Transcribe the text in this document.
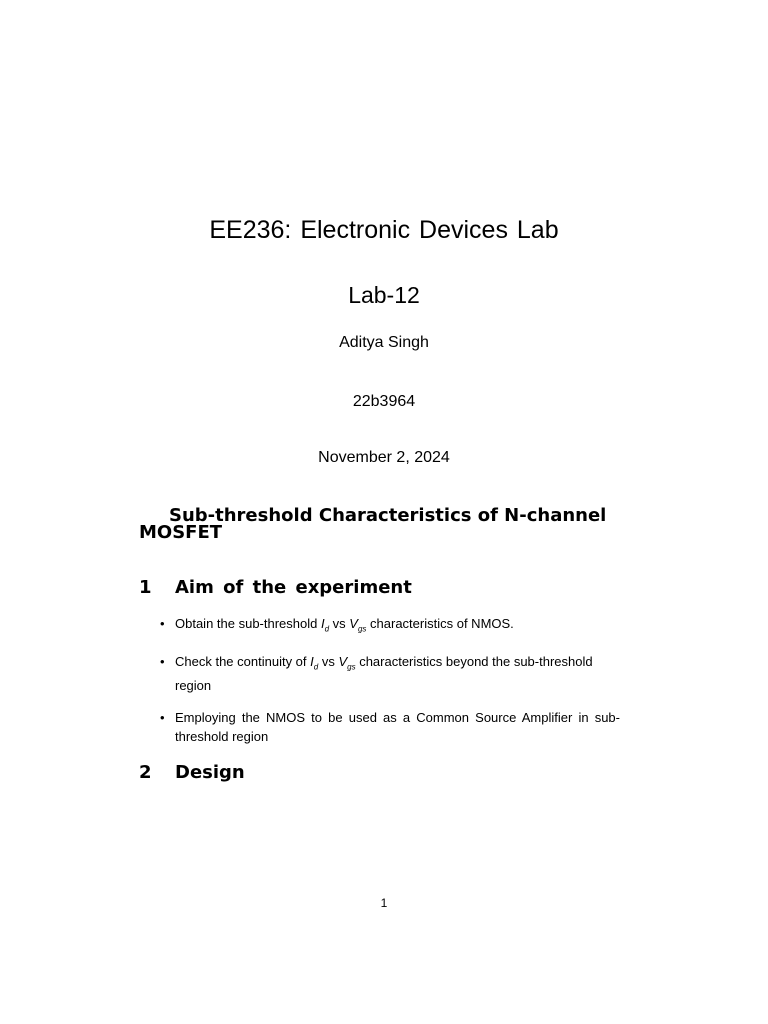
EE236: Electronic Devices Lab
Lab-12
Aditya Singh
22b3964
November 2, 2024
Sub-threshold Characteristics of N-channel MOSFET
1 Aim of the experiment
• Obtain the sub-threshold $I_d$ vs $V_{gs}$ characteristics of NMOS.
• Check the continuity of $I_d$ vs $V_{gs}$ characteristics beyond the sub-threshold region
• Employing the NMOS to be used as a Common Source Amplifier in sub-threshold region
2 Design
1
